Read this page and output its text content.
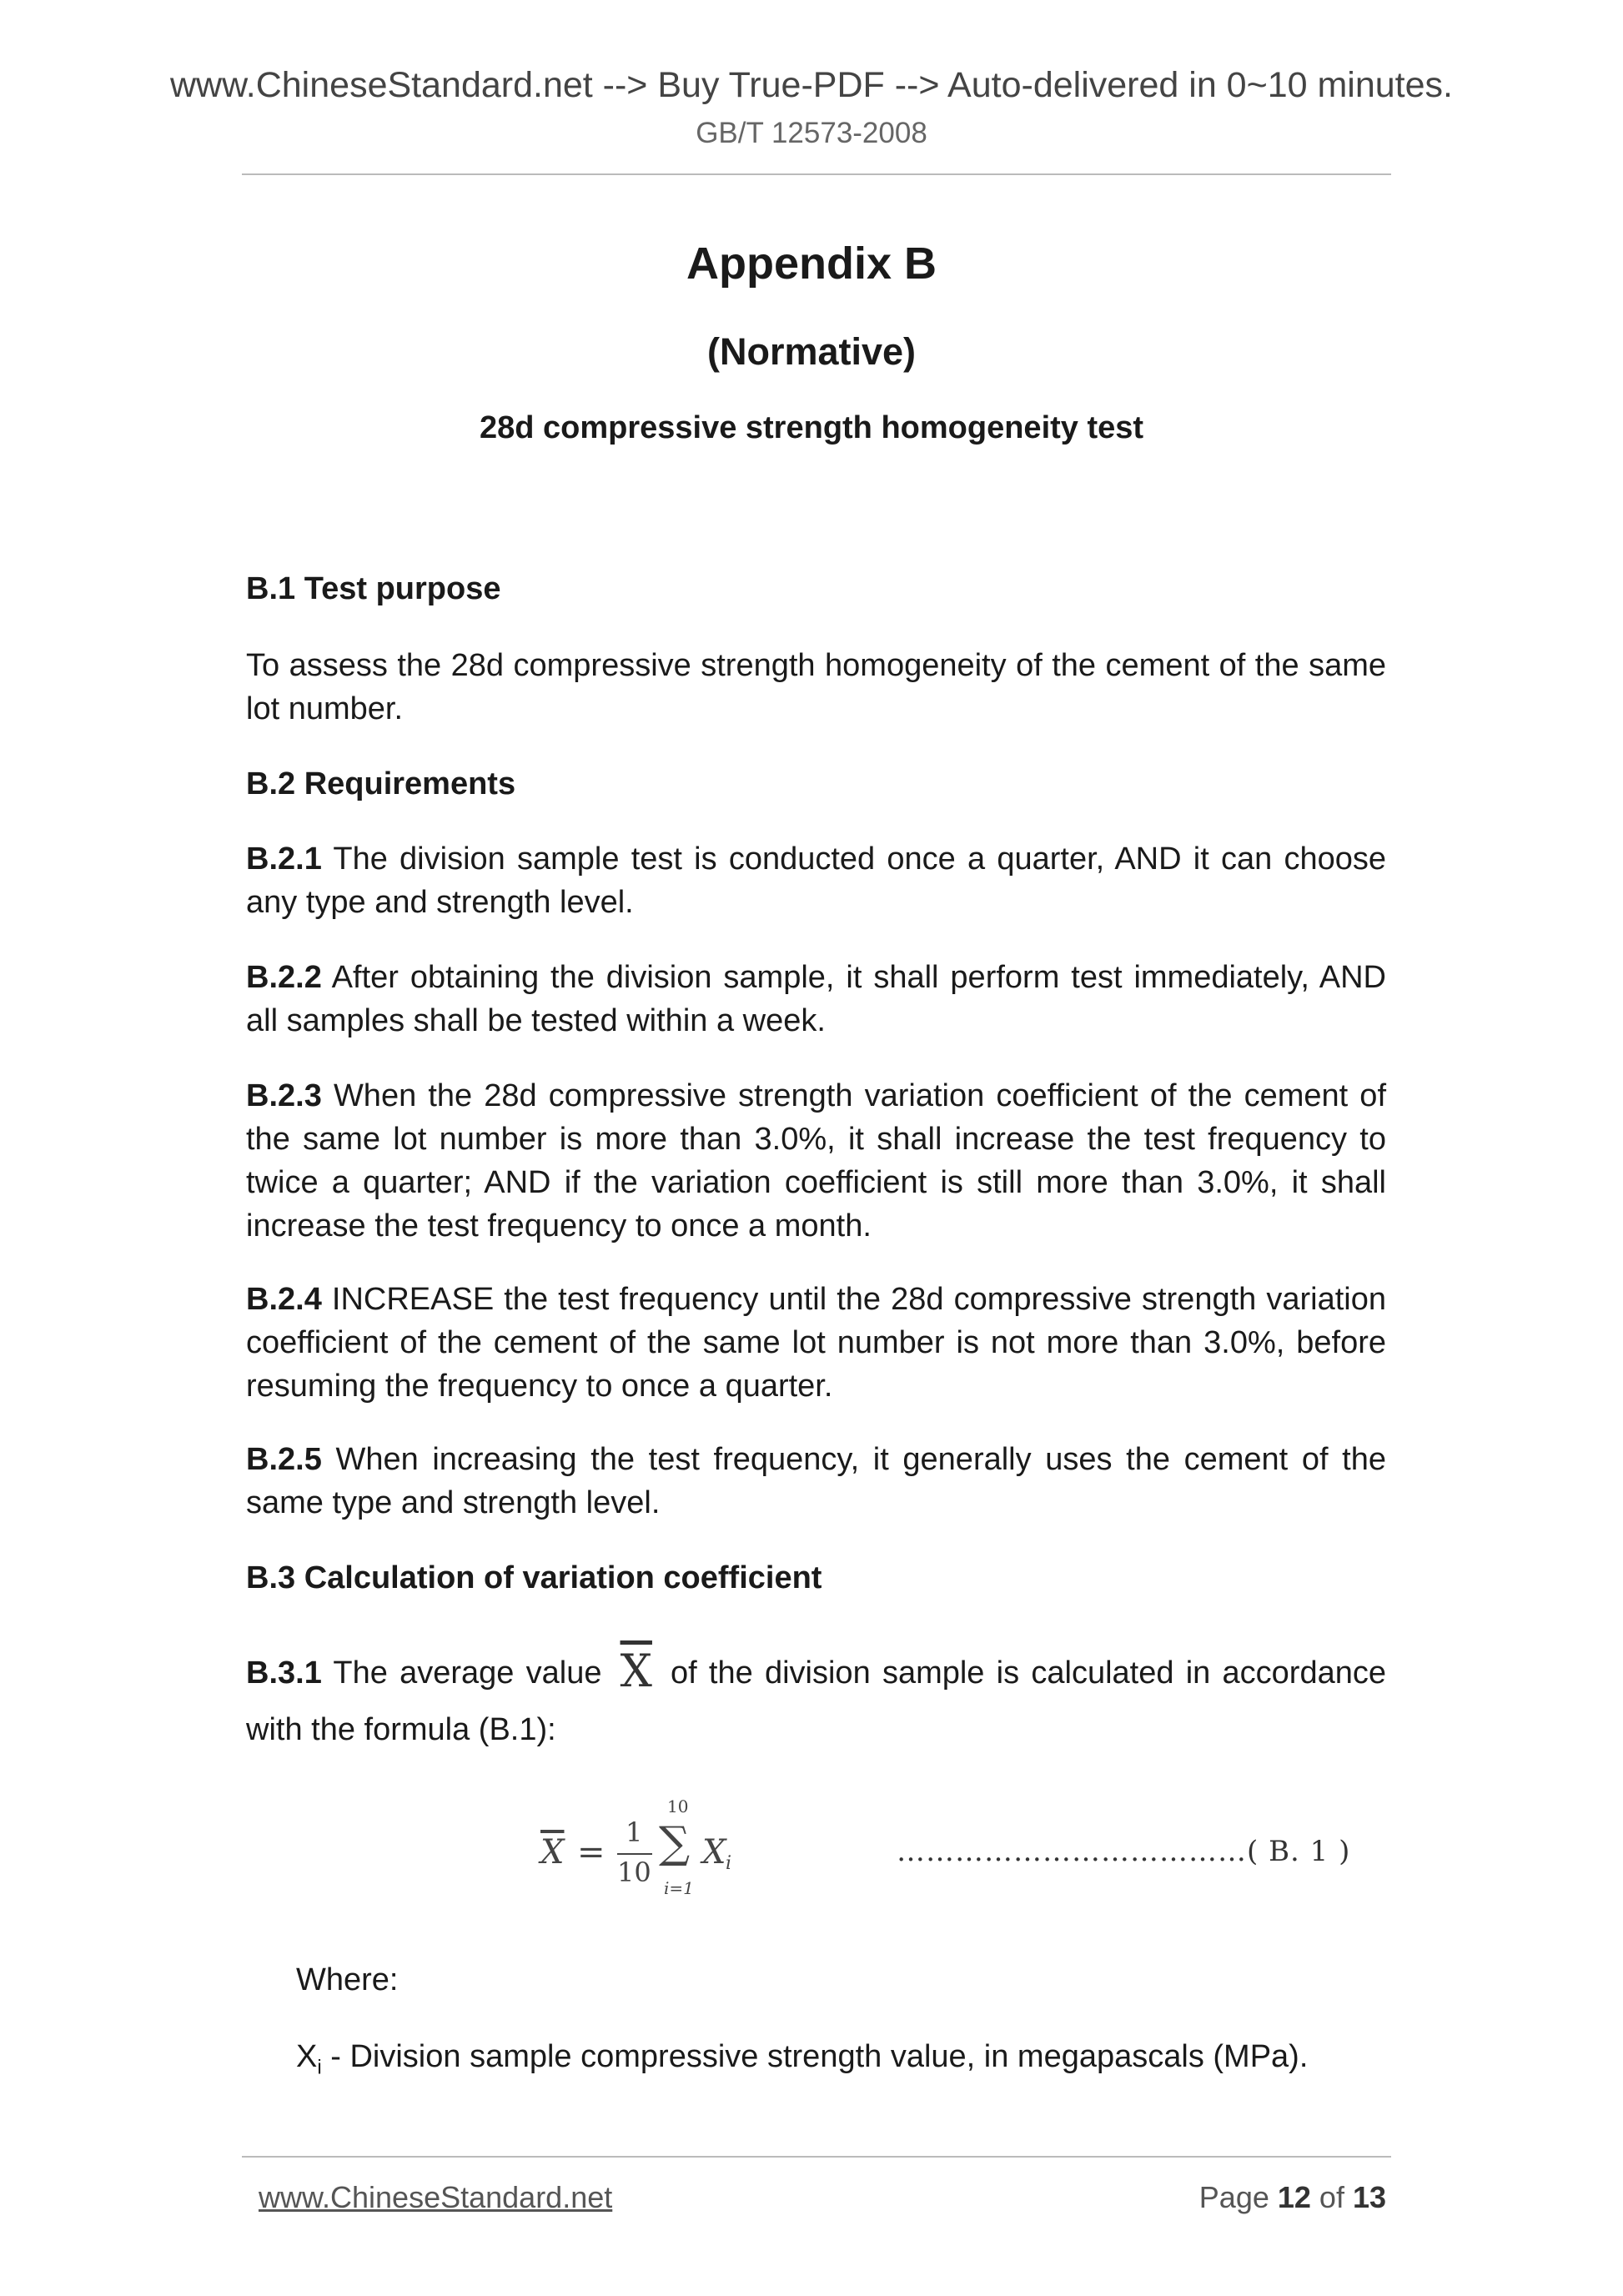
www.ChineseStandard.net --> Buy True-PDF --> Auto-delivered in 0~10 minutes.
GB/T 12573-2008
Appendix B
(Normative)
28d compressive strength homogeneity test
B.1 Test purpose
To assess the 28d compressive strength homogeneity of the cement of the same lot number.
B.2 Requirements
B.2.1 The division sample test is conducted once a quarter, AND it can choose any type and strength level.
B.2.2 After obtaining the division sample, it shall perform test immediately, AND all samples shall be tested within a week.
B.2.3 When the 28d compressive strength variation coefficient of the cement of the same lot number is more than 3.0%, it shall increase the test frequency to twice a quarter; AND if the variation coefficient is still more than 3.0%, it shall increase the test frequency to once a month.
B.2.4 INCREASE the test frequency until the 28d compressive strength variation coefficient of the cement of the same lot number is not more than 3.0%, before resuming the frequency to once a quarter.
B.2.5 When increasing the test frequency, it generally uses the cement of the same type and strength level.
B.3 Calculation of variation coefficient
B.3.1 The average value $\overline{X}$ of the division sample is calculated in accordance with the formula (B.1):
$\overline{X}$ =
1
10
10
∑
i=1
X i	………………………………( B. 1 )
Where:
$X_i$ - Division sample compressive strength value, in megapascals (MPa).
www.ChineseStandard.net	Page 12 of 13
